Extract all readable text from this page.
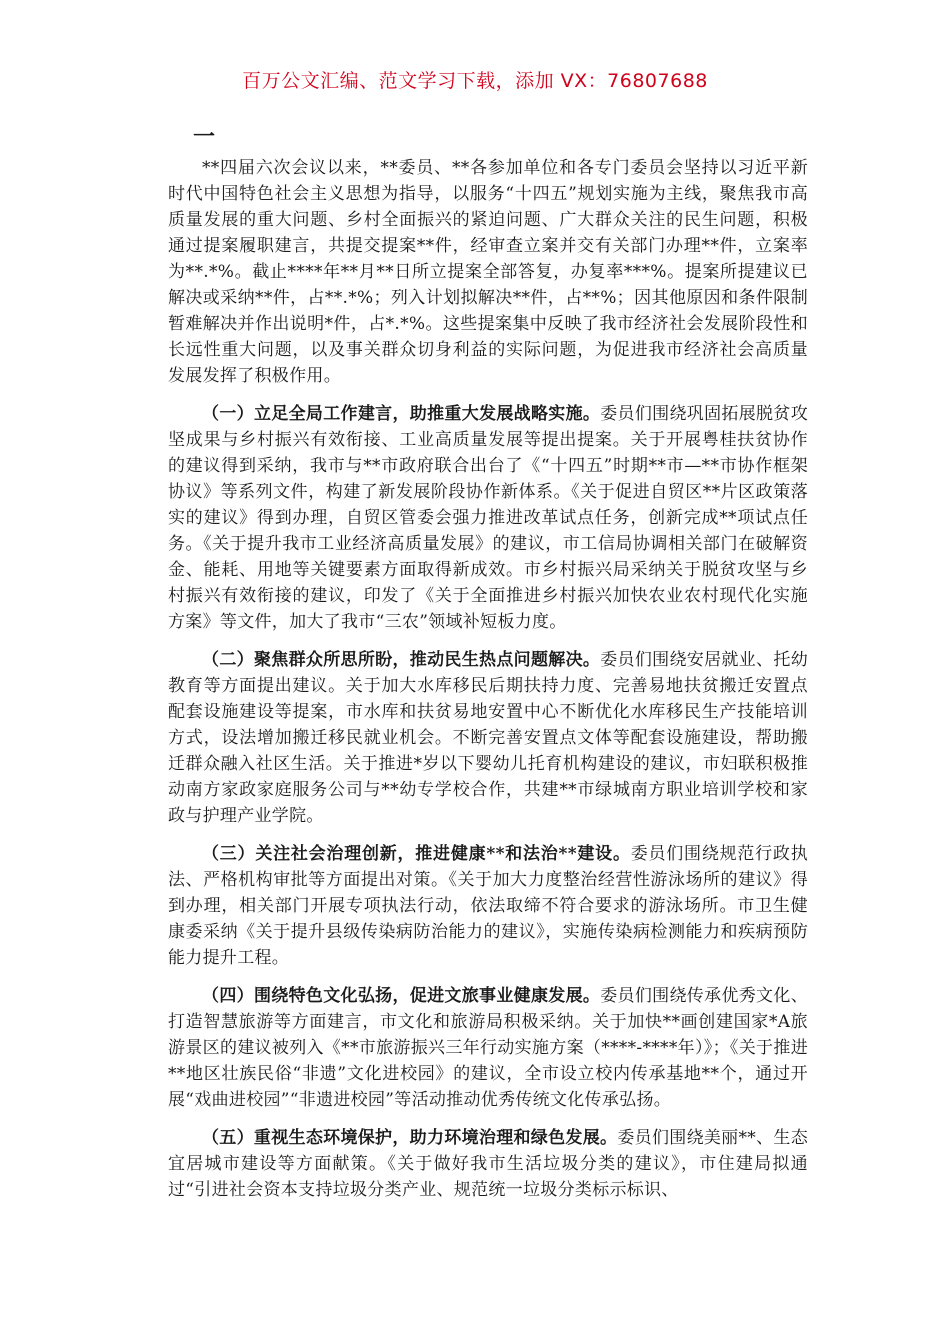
百万公文汇编、范文学习下载，添加 VX：76807688
一

**四届六次会议以来，**委员、**各参加单位和各专门委员会坚持以习近平新时代中国特色社会主义思想为指导，以服务“十四五”规划实施为主线，聚焦我市高质量发展的重大问题、乡村全面振兴的紧迫问题、广大群众关注的民生问题，积极通过提案履职建言，共提交提案**件，经审查立案并交有关部门办理**件，立案率为**.*%。截止****年**月**日所立提案全部答复，办复率***%。提案所提建议已解决或采纳**件，占**.*%；列入计划拟解决**件，占**%；因其他原因和条件限制暂难解决并作出说明*件，占*.*%。这些提案集中反映了我市经济社会发展阶段性和长远性重大问题，以及事关群众切身利益的实际问题，为促进我市经济社会高质量发展发挥了积极作用。

（一）立足全局工作建言，助推重大发展战略实施。委员们围绕巩固拓展脱贫攻坚成果与乡村振兴有效衔接、工业高质量发展等提出提案。关于开展粤桂扶贫协作的建议得到采纳，我市与**市政府联合出台了《“十四五”时期**市—**市协作框架协议》等系列文件，构建了新发展阶段协作新体系。《关于促进自贸区**片区政策落实的建议》得到办理，自贸区管委会强力推进改革试点任务，创新完成**项试点任务。《关于提升我市工业经济高质量发展》的建议，市工信局协调相关部门在破解资金、能耗、用地等关键要素方面取得新成效。市乡村振兴局采纳关于脱贫攻坚与乡村振兴有效衔接的建议，印发了《关于全面推进乡村振兴加快农业农村现代化实施方案》等文件，加大了我市“三农”领域补短板力度。

（二）聚焦群众所思所盼，推动民生热点问题解决。委员们围绕安居就业、托幼教育等方面提出建议。关于加大水库移民后期扶持力度、完善易地扶贫搬迁安置点配套设施建设等提案，市水库和扶贫易地安置中心不断优化水库移民生产技能培训方式，设法增加搬迁移民就业机会。不断完善安置点文体等配套设施建设，帮助搬迁群众融入社区生活。关于推进*岁以下婴幼儿托育机构建设的建议，市妇联积极推动南方家政家庭服务公司与**幼专学校合作，共建**市绿城南方职业培训学校和家政与护理产业学院。

（三）关注社会治理创新，推进健康**和法治**建设。委员们围绕规范行政执法、严格机构审批等方面提出对策。《关于加大力度整治经营性游泳场所的建议》得到办理，相关部门开展专项执法行动，依法取缔不符合要求的游泳场所。市卫生健康委采纳《关于提升县级传染病防治能力的建议》，实施传染病检测能力和疾病预防能力提升工程。

（四）围绕特色文化弘扬，促进文旅事业健康发展。委员们围绕传承优秀文化、打造智慧旅游等方面建言，市文化和旅游局积极采纳。关于加快**画创建国家*A旅游景区的建议被列入《**市旅游振兴三年行动实施方案（****-****年）》；《关于推进**地区壮族民俗“非遗”文化进校园》的建议，全市设立校内传承基地**个，通过开展“戏曲进校园”“非遗进校园”等活动推动优秀传统文化传承弘扬。

（五）重视生态环境保护，助力环境治理和绿色发展。委员们围绕美丽**、生态宜居城市建设等方面献策。《关于做好我市生活垃圾分类的建议》，市住建局拟通过“引进社会资本支持垃圾分类产业、规范统一垃圾分类标示标识、
